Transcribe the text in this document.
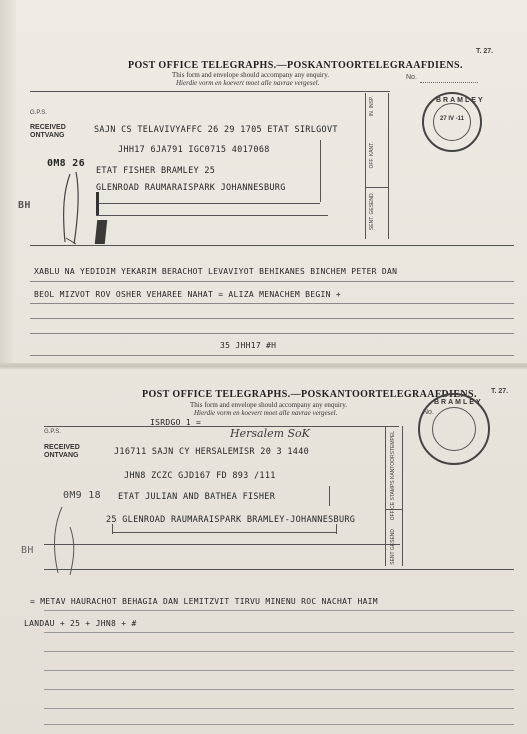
T. 27.
POST OFFICE TELEGRAPHS.—POSKANTOORTELEGRAAFDIENS.
This form and envelope should accompany any enquiry.
Hierdie vorm en koevert moet alle navrae vergesel.
No.
BRAMLEY
27 IV -11
G.P.S.
RECEIVED
ONTVANG
SAJN CS TELAVIVYAFFC 26 29 1705 ETAT SIRLGOVT
JHH17 6JA791 IGC0715 4017068
ETAT FISHER BRAMLEY 25
GLENROAD RAUMARAISPARK JOHANNESBURG
0M8 26
BH
IN. INSP.
OFF. KANT.
SENT. GESEND.
XABLU NA YEDIDIM YEKARIM BERACHOT LEVAVIYOT BEHIKANES BINCHEM PETER DAN
BEOL MIZVOT ROV OSHER VEHAREE NAHAT = ALIZA MENACHEM BEGIN +
35 JHH17 #H
T. 27.
POST OFFICE TELEGRAPHS.—POSKANTOORTELEGRAAFDIENS.
This form and envelope should accompany any enquiry.
Hierdie vorm en koevert moet alle navrae vergesel.	No.
ISRDGO 1 =
Hersalem SoK
BRAMLEY
G.P.S.
RECEIVED
ONTVANG	J16711 SAJN CY HERSALEMISR 20 3 1440
JHN8 ZCZC GJD167 FD 893 /111
ETAT JULIAN AND BATHEA FISHER
25 GLENROAD RAUMARAISPARK BRAMLEY-JOHANNESBURG
0M9 18
BH
OFFICE STAMPS KANTOORSTEMPEL
SENT GESEND
= METAV HAURACHOT BEHAGIA DAN LEMITZVIT TIRVU MINENU ROC NACHAT HAIM
LANDAU + 25 + JHN8 + #
